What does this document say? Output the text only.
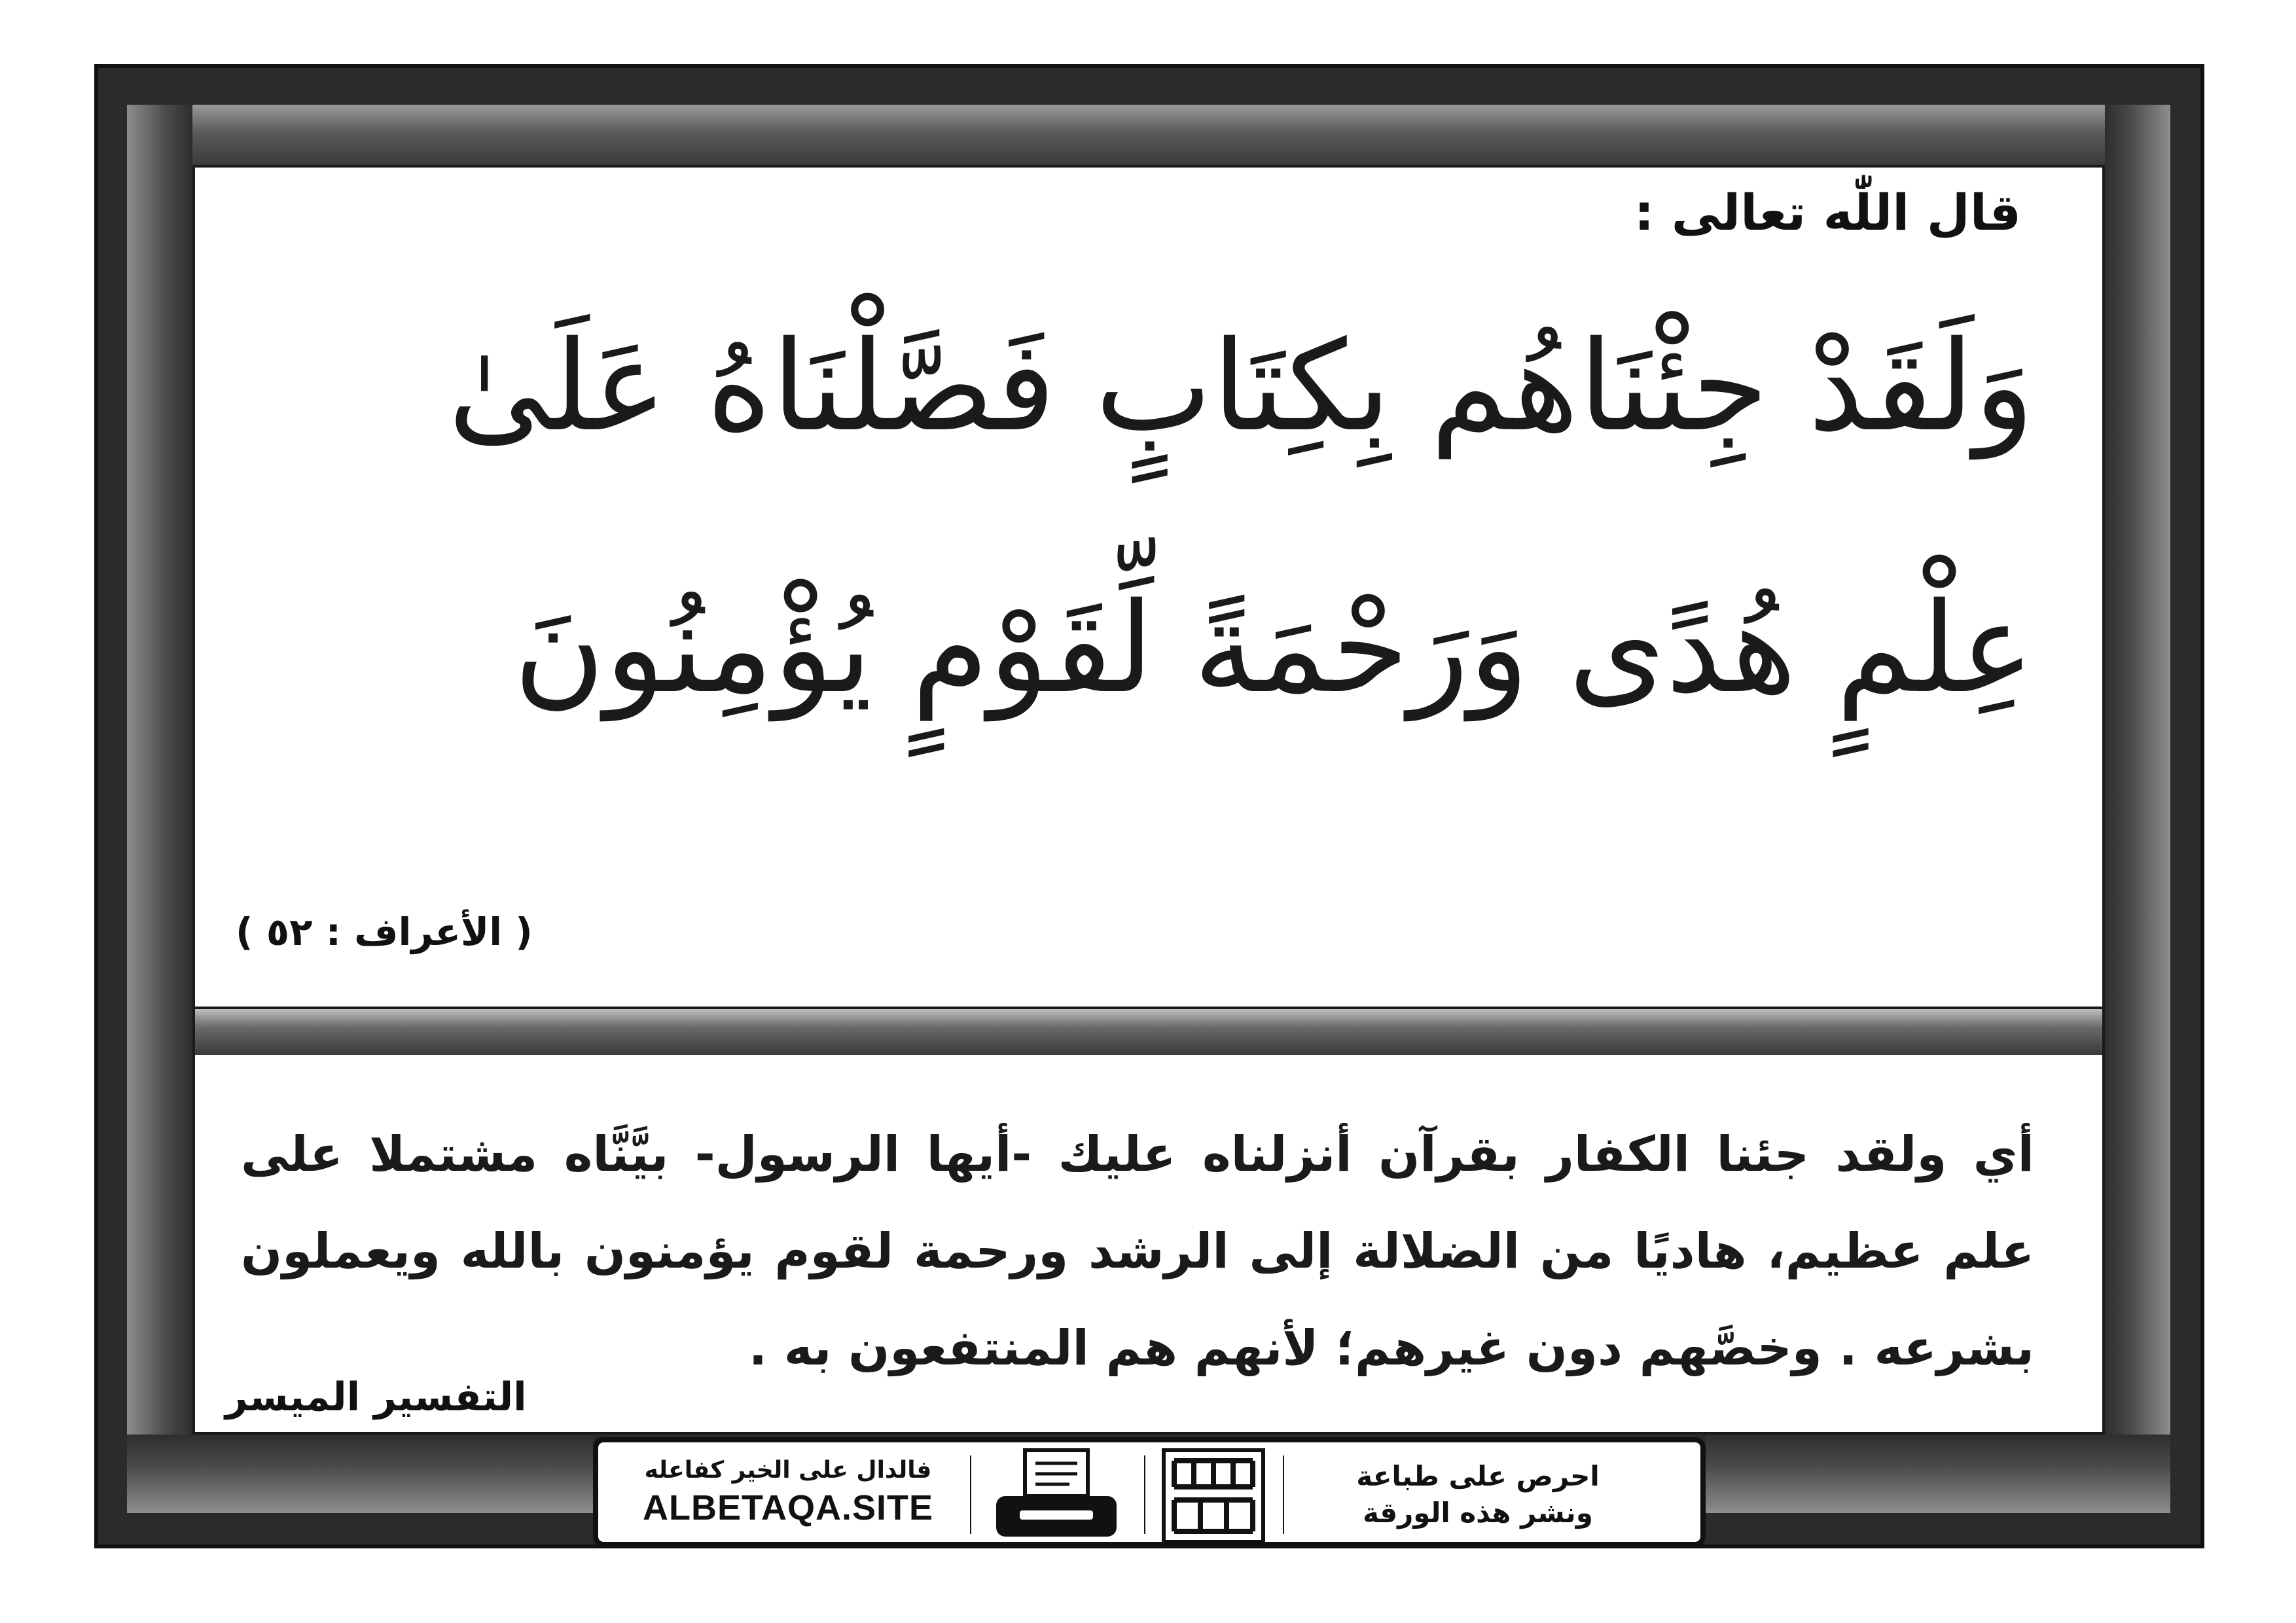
قال اللّٰه تعالى :
وَلَقَدْ جِئْنَاهُم بِكِتَابٍ فَصَّلْنَاهُ عَلَىٰ
عِلْمٍ هُدًى وَرَحْمَةً لِّقَوْمٍ يُؤْمِنُونَ
( الأعراف : ٥٢ )
أي ولقد جئنا الكفار بقرآن أنزلناه عليك -أيها الرسول- بيَّنَّاه مشتملا على علم عظيم، هاديًا من الضلالة إلى الرشد ورحمة لقوم يؤمنون بالله ويعملون بشرعه . وخصَّهم دون غيرهم؛ لأنهم هم المنتفعون به .
التفسير الميسر
فالدال على الخير كفاعله
ALBETAQA.SITE
احرص على طباعة
ونشر هذه الورقة
